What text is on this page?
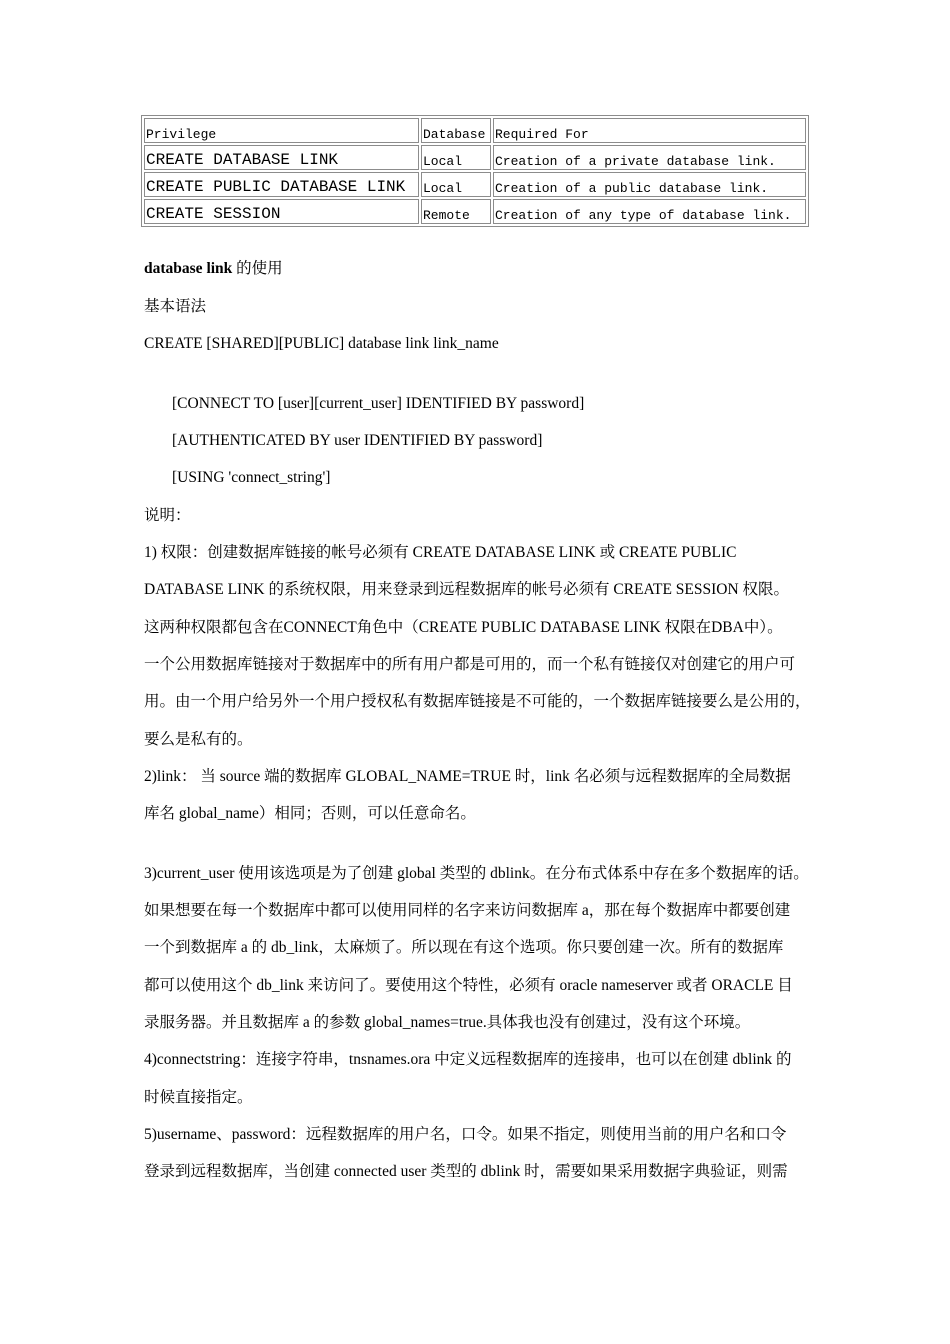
Privilege	Database	Required For
CREATE DATABASE LINK	Local	Creation of a private database link.
CREATE PUBLIC DATABASE LINK	Local	Creation of a public database link.
CREATE SESSION	Remote	Creation of any type of database link.
database link 的使用
基本语法
CREATE [SHARED][PUBLIC] database link link_name
[CONNECT TO [user][current_user] IDENTIFIED BY password]
[AUTHENTICATED BY user IDENTIFIED BY password]
[USING 'connect_string']
说明：
1) 权限：创建数据库链接的帐号必须有 CREATE DATABASE LINK 或 CREATE PUBLIC
DATABASE LINK 的系统权限，用来登录到远程数据库的帐号必须有 CREATE SESSION 权限。
这两种权限都包含在CONNECT角色中（CREATE PUBLIC DATABASE LINK 权限在DBA中）。
一个公用数据库链接对于数据库中的所有用户都是可用的，而一个私有链接仅对创建它的用户可
用。由一个用户给另外一个用户授权私有数据库链接是不可能的，一个数据库链接要么是公用的，
要么是私有的。
2)link： 当 source 端的数据库 GLOBAL_NAME=TRUE 时，link 名必须与远程数据库的全局数据
库名 global_name）相同；否则，可以任意命名。
3)current_user 使用该选项是为了创建 global 类型的 dblink。在分布式体系中存在多个数据库的话。
如果想要在每一个数据库中都可以使用同样的名字来访问数据库 a，那在每个数据库中都要创建
一个到数据库 a 的 db_link，太麻烦了。所以现在有这个选项。你只要创建一次。所有的数据库
都可以使用这个 db_link 来访问了。要使用这个特性，必须有 oracle nameserver 或者 ORACLE 目
录服务器。并且数据库 a 的参数 global_names=true.具体我也没有创建过，没有这个环境。
4)connectstring：连接字符串，tnsnames.ora 中定义远程数据库的连接串，也可以在创建 dblink 的
时候直接指定。
5)username、password：远程数据库的用户名，口令。如果不指定，则使用当前的用户名和口令
登录到远程数据库，当创建 connected user 类型的 dblink 时，需要如果采用数据字典验证，则需
